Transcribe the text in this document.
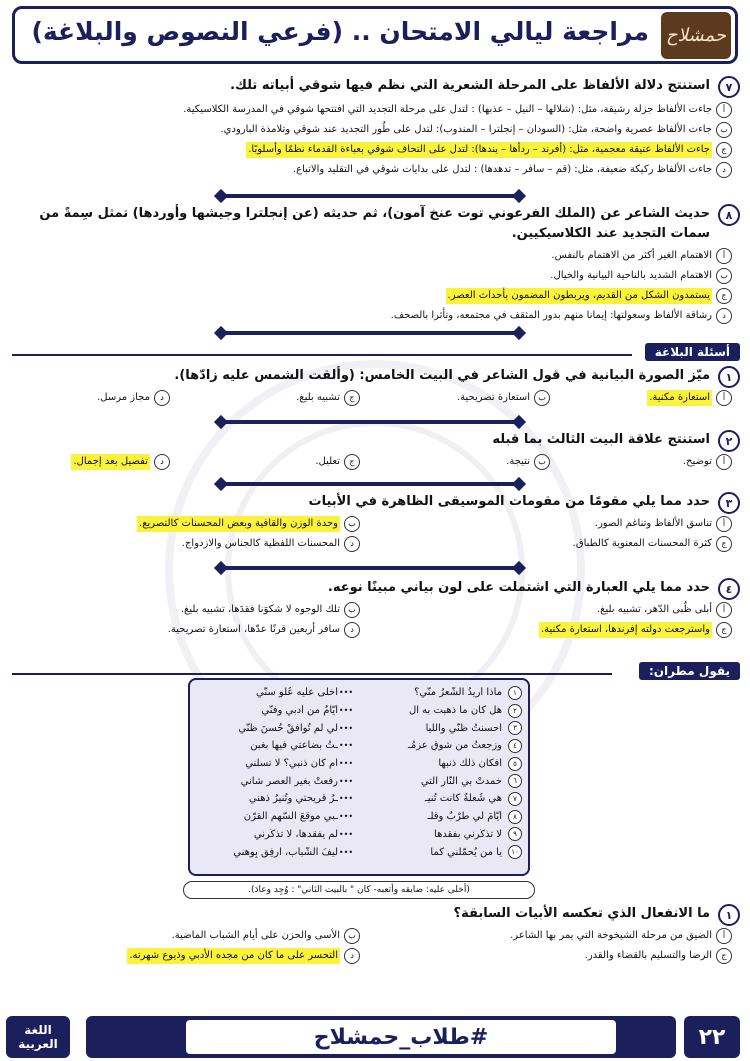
حمشلاح
مراجعة ليالي الامتحان .. (فرعي النصوص والبلاغة)
٧
استنتج دلالة الألفاظ على المرحلة الشعرية التي نظم فيها شوقي أبياته تلك.
أ
جاءت الألفاظ جزلة رشيقة، مثل: (شلالها – النيل – عذبها) : لتدل على مرحلة التجديد التي افتتحها شوقي في المدرسة الكلاسيكية.
ب
جاءت الألفاظ عصرية واضحة، مثل: (السودان – إنجلترا – المندوب): لتدل على طُور التجديد عند شوقي وتلامذة البارودي.
ج
جاءت الألفاظ عتيقة معجمية، مثل: (أفرند – ردأها – يندها): لتدل على التحاف شوقي بعباءة القدماء نظمًا وأسلوبًا.
د
جاءت الألفاظ ركيكة ضعيفة، مثل: (قم – سافر – تدهدها) : لتدل على بدايات شوقي في التقليد والاتباع.
٨
حديث الشاعر عن (الملك الفرعوني توت عنخ آمون)، ثم حديثه (عن إنجلترا وجيشها وأوردها) تمثل سِمةً من سمات التجديد عند الكلاسيكيين.
أ
الاهتمام الغير أكثر من الاهتمام بالنفس.
ب
الاهتمام الشديد بالناحية البيانية والخيال.
ج
يستمدون الشكل من القديم، ويربطون المضمون بأحداث العصر.
د
رشاقة الألفاظ وسعولتها: إيمانا منهم بدور المثقف في مجتمعه، وتأثرا بالصحف.
أسئلة البلاغة
١
ميّز الصورة البيانية في قول الشاعر في البيت الخامس: (وألقت الشمس عليه زادّها).
أ
استعارة مكنية.
ب
استعارة تصريحية.
ج
تشبيه بليغ.
د
مجاز مرسل.
٢
استنتج علاقة البيت الثالث بما قبله
أ
توضيح.
ب
نتيجة.
ج
تعليل.
د
تفصيل بعد إجمال.
٣
حدد مما يلي مقومًا من مقومات الموسيقى الظاهرة في الأبيات
أ
تناسق الألفاظ وتناغم الصور.
ب
وحدة الوزن والقافية وبعض المحسنات كالتصريع.
ج
كثرة المحسنات المعنوية كالطباق.
د
المحسنات اللفظية كالجناس والازدواج.
٤
حدد مما يلي العبارة التي اشتملت على لون بياني مبينًا نوعه.
أ
أبلى ظُبى الدّهر، تشبيه بليغ.
ب
تلك الوجوه لا شكوَنا فقدَها، تشبيه بليغ.
ج
واسترجعت دولته إفرندها، استعارة مكنية.
د
سافر أربعين قرنًا عدّها، استعارة تصريحية.
يقول مطران:
١
ماذا أريدُ الشّعرُ منّي؟
•••
أخلى عليه عُلّو سنّي
٢
هل كان ما ذهبت به ال
•••
أيّامُ من أدبي وفنّي
٣
أحسنتُ ظنّي والليا
•••
لي لم تُوافقْ حُسنَ ظنّي
٤
وزجعتُ من شوقٍ عزمُـ
•••
ـتُ بضاعتي فيها بغبنِ
٥
أفكان ذلك ذنبها
•••
أم كان ذنبي؟ لا تسلني
٦
خمدتْ بي النّار التي
•••
رفعتْ بغير العصر شاني
٧
هي شُعلةٌ كانت تُنيـ
•••
ـرُ قريحتي وتُنيرُ ذهني
٨
أيّامَ لي طرْبٌ وقلـ
•••
ـبي موقعَ السّهم القرّن
٩
لا تذكُرني بفقدها
•••
لم يفقدها، لا تذكُرني
١٠
يا من يُحمّلني كما
•••
ليفَ الشّباب، ارفِق بِوهني
(أخلى عليه: ضايقه وأتعبه- كان " بالبيت الثاني" : وُجِد وعادَ).
١
ما الانفعال الذي تعكسه الأبيات السابقة؟
أ
الضيق من مرحلة الشيخوخة التي يمر بها الشاعر.
ب
الأسى والحزن على أيام الشباب الماضية.
ج
الرضا والتسليم بالقضاء والقدر.
د
التحسر على ما كان من مجده الأدبي وذيوع شهرته.
٢٢
#طلاب_حمشلاح
اللغة
العربية
